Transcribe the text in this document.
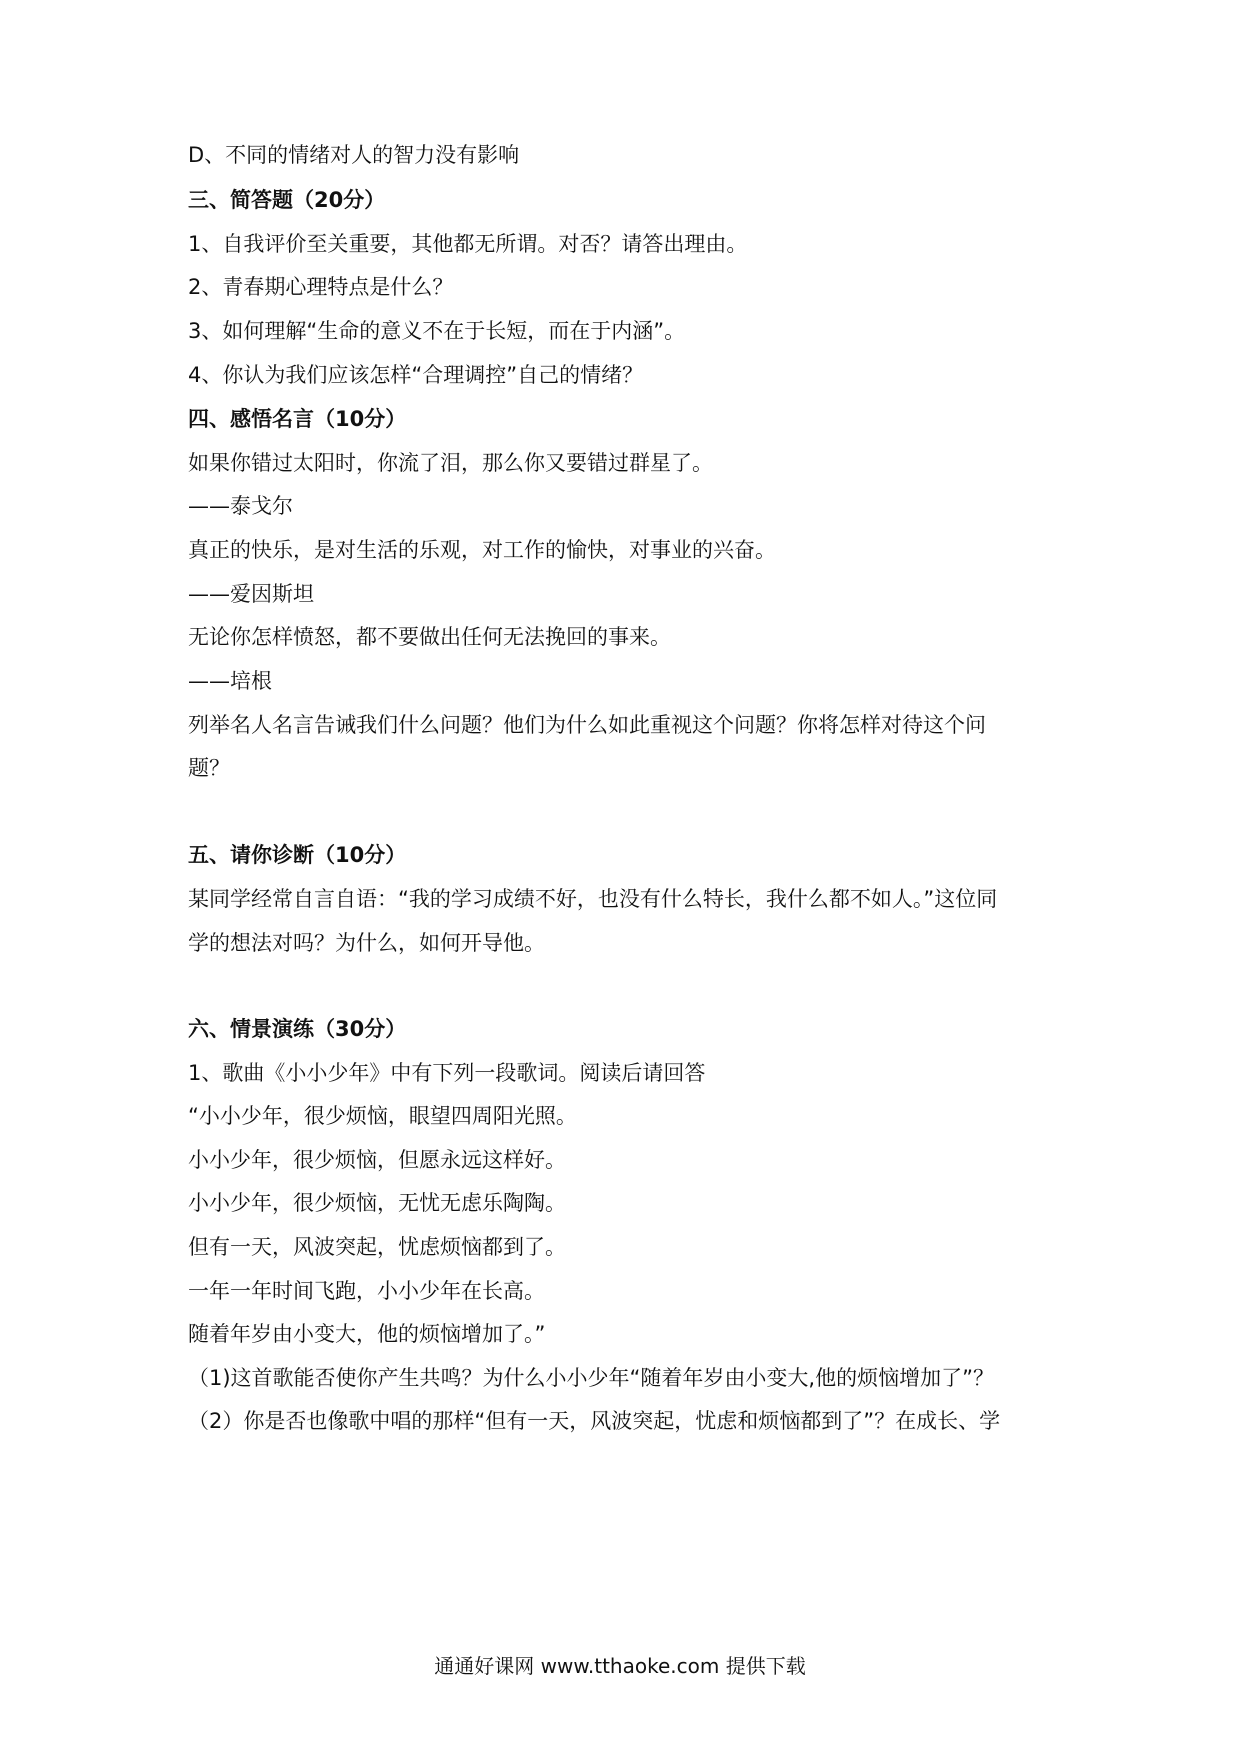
D、不同的情绪对人的智力没有影响
三、简答题（20分）
1、自我评价至关重要，其他都无所谓。对否？请答出理由。
2、青春期心理特点是什么？
3、如何理解“生命的意义不在于长短，而在于内涵”。
4、你认为我们应该怎样“合理调控”自己的情绪？
四、感悟名言（10分）
如果你错过太阳时，你流了泪，那么你又要错过群星了。
——泰戈尔
真正的快乐，是对生活的乐观，对工作的愉快，对事业的兴奋。
——爱因斯坦
无论你怎样愤怒，都不要做出任何无法挽回的事来。
——培根
列举名人名言告诫我们什么问题？他们为什么如此重视这个问题？你将怎样对待这个问
题？
五、请你诊断（10分）
某同学经常自言自语：“我的学习成绩不好，也没有什么特长，我什么都不如人。”这位同
学的想法对吗？为什么，如何开导他。
六、情景演练（30分）
1、歌曲《小小少年》中有下列一段歌词。阅读后请回答
“小小少年，很少烦恼，眼望四周阳光照。
小小少年，很少烦恼，但愿永远这样好。
小小少年，很少烦恼，无忧无虑乐陶陶。
但有一天，风波突起，忧虑烦恼都到了。
一年一年时间飞跑，小小少年在长高。
随着年岁由小变大，他的烦恼增加了。”
（1)这首歌能否使你产生共鸣？为什么小小少年“随着年岁由小变大,他的烦恼增加了”？
（2）你是否也像歌中唱的那样“但有一天，风波突起，忧虑和烦恼都到了”？在成长、学
通通好课网 www.tthaoke.com 提供下载
